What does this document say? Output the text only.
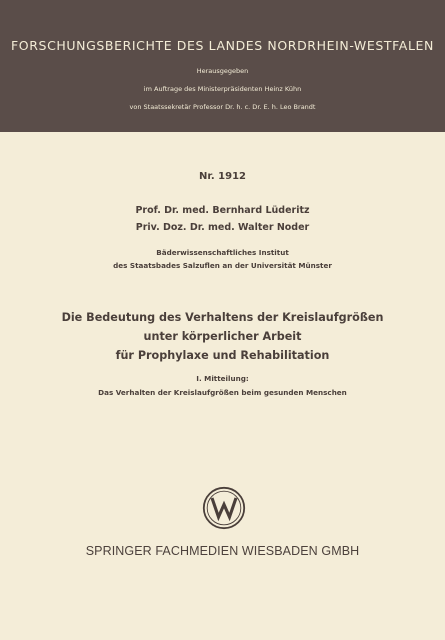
FORSCHUNGSBERICHTE DES LANDES NORDRHEIN-WESTFALEN
Herausgegeben
im Auftrage des Ministerpräsidenten Heinz Kühn
von Staatssekretär Professor Dr. h. c. Dr. E. h. Leo Brandt
Nr. 1912
Prof. Dr. med. Bernhard Lüderitz
Priv. Doz. Dr. med. Walter Noder
Bäderwissenschaftliches Institut
des Staatsbades Salzuflen an der Universität Münster
Die Bedeutung des Verhaltens der Kreislaufgrößen
unter körperlicher Arbeit
für Prophylaxe und Rehabilitation
I. Mitteilung:
Das Verhalten der Kreislaufgrößen beim gesunden Menschen
SPRINGER FACHMEDIEN WIESBADEN GMBH
